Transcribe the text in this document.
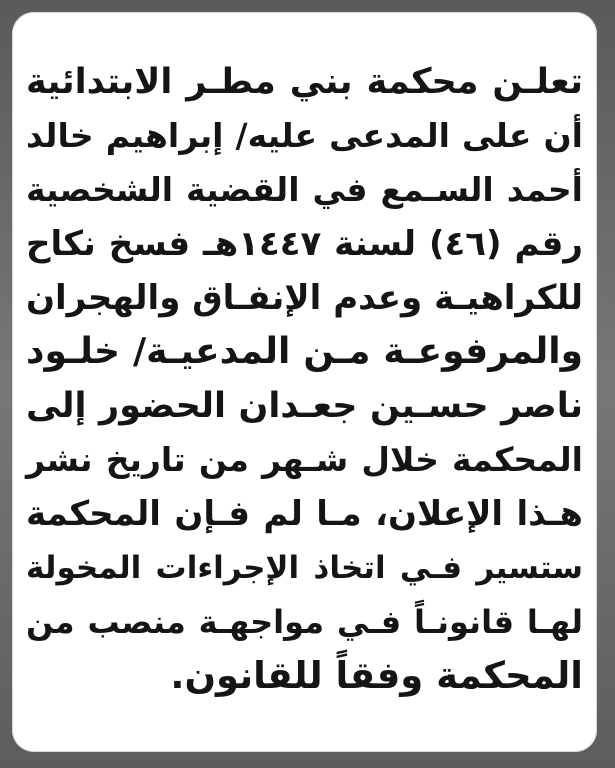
تعلـن محكمة بني مطـر الابتدائية
أن على المدعى عليه/ إبراهيم خالد
أحمد السـمع في القضية الشخصية
رقم (٤٦) لسنة ١٤٤٧هـ فسخ نكاح
للكراهيـة وعدم الإنفـاق والهجران
والمرفوعـة مـن المدعيـة/ خلـود
ناصر حسـين جعـدان الحضور إلى
المحكمة خلال شـهر من تاريخ نشر
هـذا الإعلان، مـا لم فـإن المحكمة
ستسير فـي اتخاذ الإجراءات المخولة
لهـا قانونـاً فـي مواجهـة منصب من
المحكمة وفقاً للقانون.
